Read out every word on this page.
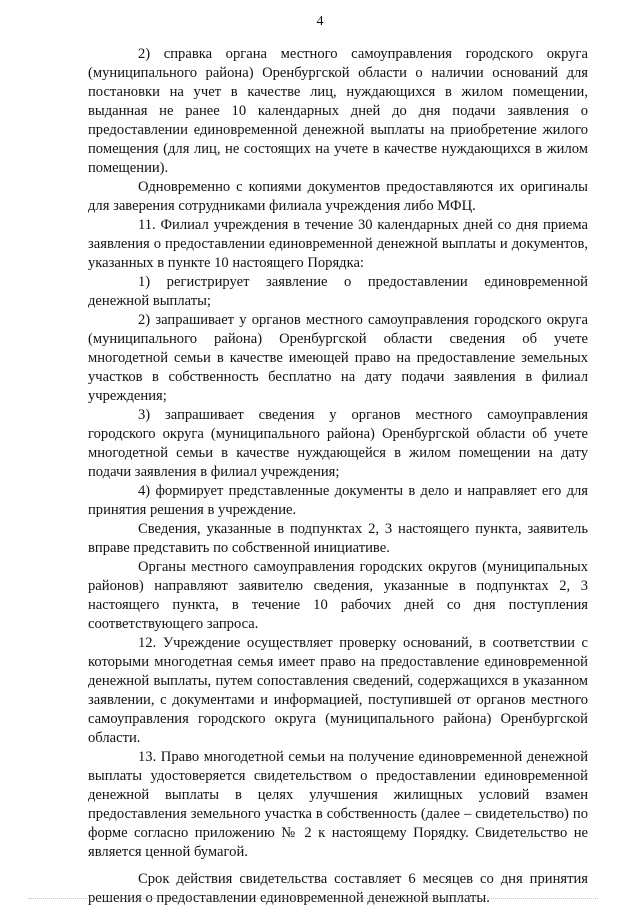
4

2) справка органа местного самоуправления городского округа (муниципального района) Оренбургской области о наличии оснований для постановки на учет в качестве лиц, нуждающихся в жилом помещении, выданная не ранее 10 календарных дней до дня подачи заявления о предоставлении единовременной денежной выплаты на приобретение жилого помещения (для лиц, не состоящих на учете в качестве нуждающихся в жилом помещении).

Одновременно с копиями документов предоставляются их оригиналы для заверения сотрудниками филиала учреждения либо МФЦ.

11. Филиал учреждения в течение 30 календарных дней со дня приема заявления о предоставлении единовременной денежной выплаты и документов, указанных в пункте 10 настоящего Порядка:

1) регистрирует заявление о предоставлении единовременной денежной выплаты;

2) запрашивает у органов местного самоуправления городского округа (муниципального района) Оренбургской области сведения об учете многодетной семьи в качестве имеющей право на предоставление земельных участков в собственность бесплатно на дату подачи заявления в филиал учреждения;

3) запрашивает сведения у органов местного самоуправления городского округа (муниципального района) Оренбургской области об учете многодетной семьи в качестве нуждающейся в жилом помещении на дату подачи заявления в филиал учреждения;

4) формирует представленные документы в дело и направляет его для принятия решения в учреждение.

Сведения, указанные в подпунктах 2, 3 настоящего пункта, заявитель вправе представить по собственной инициативе.

Органы местного самоуправления городских округов (муниципальных районов) направляют заявителю сведения, указанные в подпунктах 2, 3 настоящего пункта, в течение 10 рабочих дней со дня поступления соответствующего запроса.

12. Учреждение осуществляет проверку оснований, в соответствии с которыми многодетная семья имеет право на предоставление единовременной денежной выплаты, путем сопоставления сведений, содержащихся в указанном заявлении, с документами и информацией, поступившей от органов местного самоуправления городского округа (муниципального района) Оренбургской области.

13. Право многодетной семьи на получение единовременной денежной выплаты удостоверяется свидетельством о предоставлении единовременной денежной выплаты в целях улучшения жилищных условий взамен предоставления земельного участка в собственность (далее – свидетельство) по форме согласно приложению № 2 к настоящему Порядку. Свидетельство не является ценной бумагой.

Срок действия свидетельства составляет 6 месяцев со дня принятия решения о предоставлении единовременной денежной выплаты.
